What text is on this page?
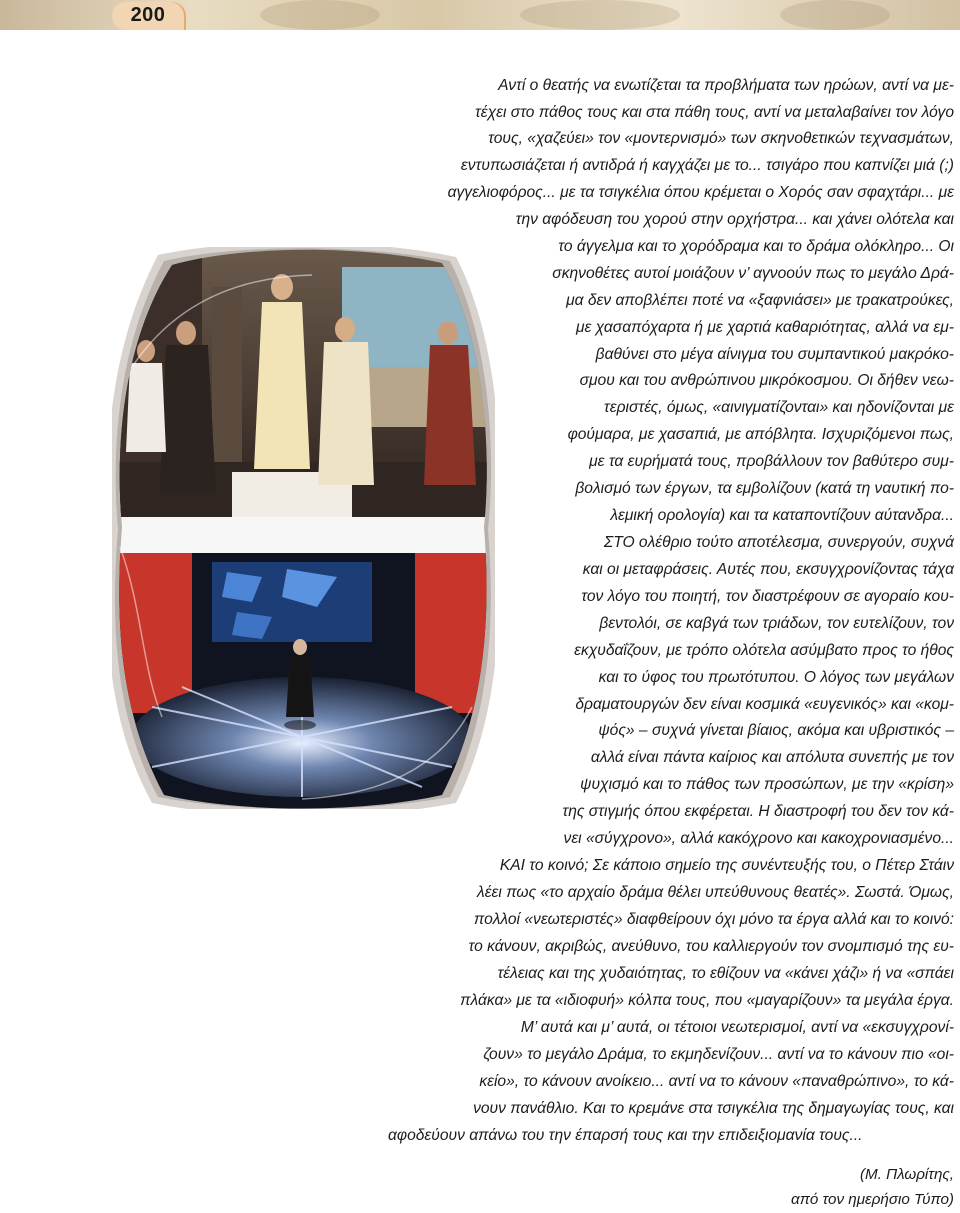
200
Αντί ο θεατής να ενωτίζεται τα προβλήματα των ηρώων, αντί να με-
τέχει στο πάθος τους και στα πάθη τους, αντί να μεταλαβαίνει τον λόγο
τους, «χαζεύει» τον «μοντερνισμό» των σκηνοθετικών τεχνασμάτων,
εντυπωσιάζεται ή αντιδρά ή καγχάζει με το... τσιγάρο που καπνίζει μιά (;)
αγγελιοφόρος... με τα τσιγκέλια όπου κρέμεται ο Χορός σαν σφαχτάρι... με
την αφόδευση του χορού στην ορχήστρα... και χάνει ολότελα και
το άγγελμα και το χορόδραμα και το δράμα ολόκληρο... Οι
σκηνοθέτες αυτοί μοιάζουν ν’ αγνοούν πως το μεγάλο Δρά-
μα δεν αποβλέπει ποτέ να «ξαφνιάσει» με τρακατρούκες,
με χασαπόχαρτα ή με χαρτιά καθαριότητας, αλλά να εμ-
βαθύνει στο μέγα αίνιγμα του συμπαντικού μακρόκο-
σμου και του ανθρώπινου μικρόκοσμου. Οι δήθεν νεω-
τεριστές, όμως, «αινιγματίζονται» και ηδονίζονται με
φούμαρα, με χασαπιά, με απόβλητα. Ισχυριζόμενοι πως,
με τα ευρήματά τους, προβάλλουν τον βαθύτερο συμ-
βολισμό των έργων, τα εμβολίζουν (κατά τη ναυτική πο-
λεμική ορολογία) και τα καταποντίζουν αύτανδρα...
ΣΤΟ ολέθριο τούτο αποτέλεσμα, συνεργούν, συχνά
και οι μεταφράσεις. Αυτές που, εκσυγχρονίζοντας τάχα
τον λόγο του ποιητή, τον διαστρέφουν σε αγοραίο κου-
βεντολόι, σε καβγά των τριάδων, τον ευτελίζουν, τον
εκχυδαΐζουν, με τρόπο ολότελα ασύμβατο προς το ήθος
και το ύφος του πρωτότυπου. Ο λόγος των μεγάλων
δραματουργών δεν είναι κοσμικά «ευγενικός» και «κομ-
ψός» – συχνά γίνεται βίαιος, ακόμα και υβριστικός –
αλλά είναι πάντα καίριος και απόλυτα συνεπής με τον
ψυχισμό και το πάθος των προσώπων, με την «κρίση»
της στιγμής όπου εκφέρεται. Η διαστροφή του δεν τον κά-
νει «σύγχρονο», αλλά κακόχρονο και κακοχρονιασμένο...
ΚΑΙ το κοινό; Σε κάποιο σημείο της συνέντευξής του, ο Πέτερ Στάιν
λέει πως «το αρχαίο δράμα θέλει υπεύθυνους θεατές». Σωστά. Όμως,
πολλοί «νεωτεριστές» διαφθείρουν όχι μόνο τα έργα αλλά και το κοινό:
το κάνουν, ακριβώς, ανεύθυνο, του καλλιεργούν τον σνομπισμό της ευ-
τέλειας και της χυδαιότητας, το εθίζουν να «κάνει χάζι» ή να «σπάει
πλάκα» με τα «ιδιοφυή» κόλπα τους, που «μαγαρίζουν» τα μεγάλα έργα.
Μ’ αυτά και μ’ αυτά, οι τέτοιοι νεωτερισμοί, αντί να «εκσυγχρονί-
ζουν» το μεγάλο Δράμα, το εκμηδενίζουν... αντί να το κάνουν πιο «οι-
κείο», το κάνουν ανοίκειο... αντί να το κάνουν «παναθρώπινο», το κά-
νουν πανάθλιο. Και το κρεμάνε στα τσιγκέλια της δημαγωγίας τους, και
αφοδεύουν απάνω του την έπαρσή τους και την επιδειξιομανία τους...
(Μ. Πλωρίτης,
από τον ημερήσιο Τύπο)
